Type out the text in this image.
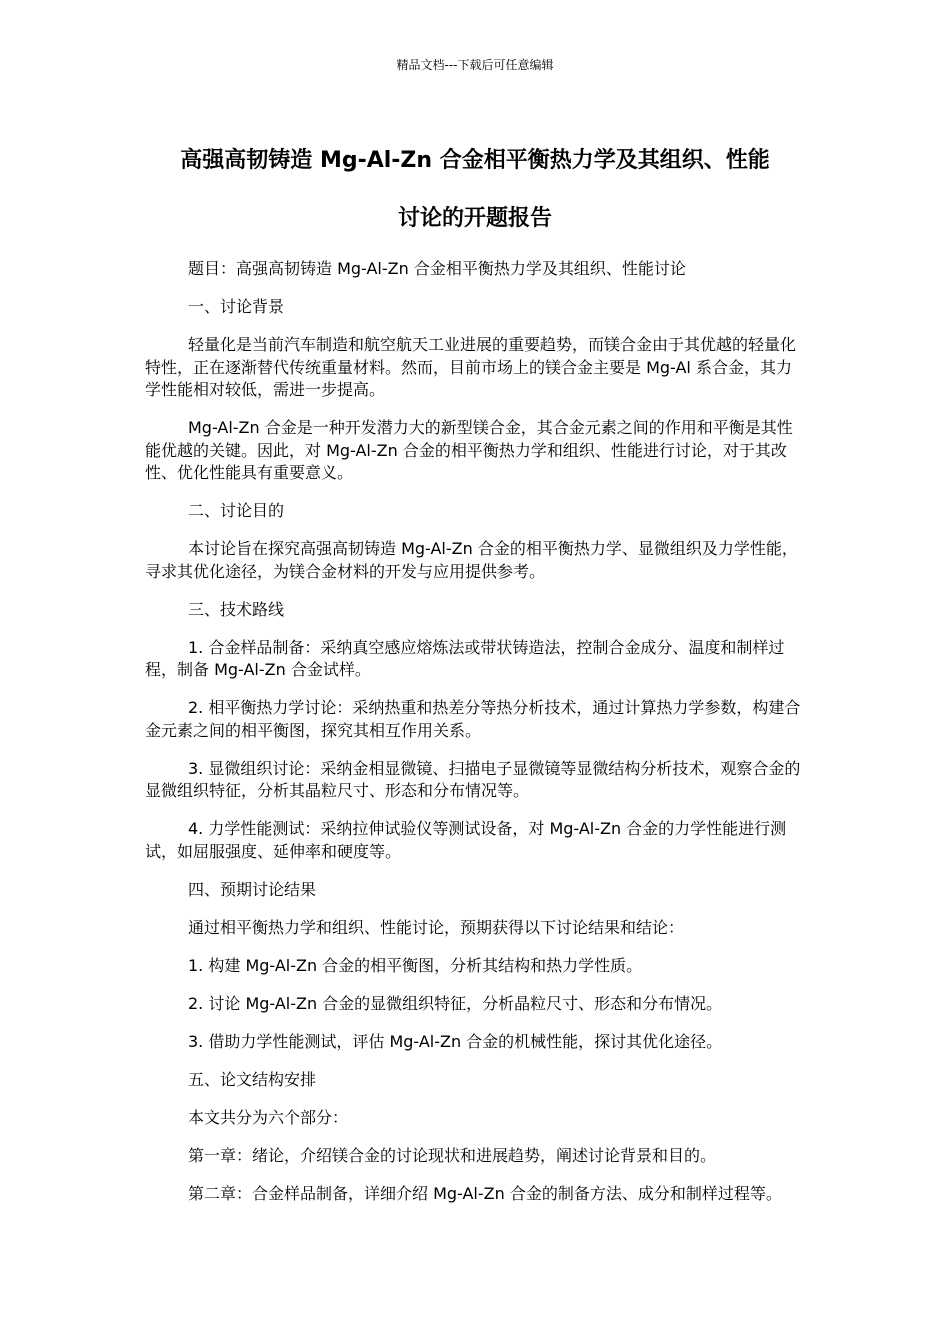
精品文档---下载后可任意编辑
高强高韧铸造 Mg-Al-Zn 合金相平衡热力学及其组织、性能
讨论的开题报告

题目：高强高韧铸造 Mg-Al-Zn 合金相平衡热力学及其组织、性能讨论

一、讨论背景

轻量化是当前汽车制造和航空航天工业进展的重要趋势，而镁合金由于其优越的轻量化特性，正在逐渐替代传统重量材料。然而，目前市场上的镁合金主要是 Mg-Al 系合金，其力学性能相对较低，需进一步提高。

Mg-Al-Zn 合金是一种开发潜力大的新型镁合金，其合金元素之间的作用和平衡是其性能优越的关键。因此，对 Mg-Al-Zn 合金的相平衡热力学和组织、性能进行讨论，对于其改性、优化性能具有重要意义。

二、讨论目的

本讨论旨在探究高强高韧铸造 Mg-Al-Zn 合金的相平衡热力学、显微组织及力学性能，寻求其优化途径，为镁合金材料的开发与应用提供参考。

三、技术路线

1. 合金样品制备：采纳真空感应熔炼法或带状铸造法，控制合金成分、温度和制样过程，制备 Mg-Al-Zn 合金试样。

2. 相平衡热力学讨论：采纳热重和热差分等热分析技术，通过计算热力学参数，构建合金元素之间的相平衡图，探究其相互作用关系。

3. 显微组织讨论：采纳金相显微镜、扫描电子显微镜等显微结构分析技术，观察合金的显微组织特征，分析其晶粒尺寸、形态和分布情况等。

4. 力学性能测试：采纳拉伸试验仪等测试设备，对 Mg-Al-Zn 合金的力学性能进行测试，如屈服强度、延伸率和硬度等。

四、预期讨论结果

通过相平衡热力学和组织、性能讨论，预期获得以下讨论结果和结论：

1. 构建 Mg-Al-Zn 合金的相平衡图，分析其结构和热力学性质。

2. 讨论 Mg-Al-Zn 合金的显微组织特征，分析晶粒尺寸、形态和分布情况。

3. 借助力学性能测试，评估 Mg-Al-Zn 合金的机械性能，探讨其优化途径。

五、论文结构安排

本文共分为六个部分：

第一章：绪论，介绍镁合金的讨论现状和进展趋势，阐述讨论背景和目的。

第二章：合金样品制备，详细介绍 Mg-Al-Zn 合金的制备方法、成分和制样过程等。
